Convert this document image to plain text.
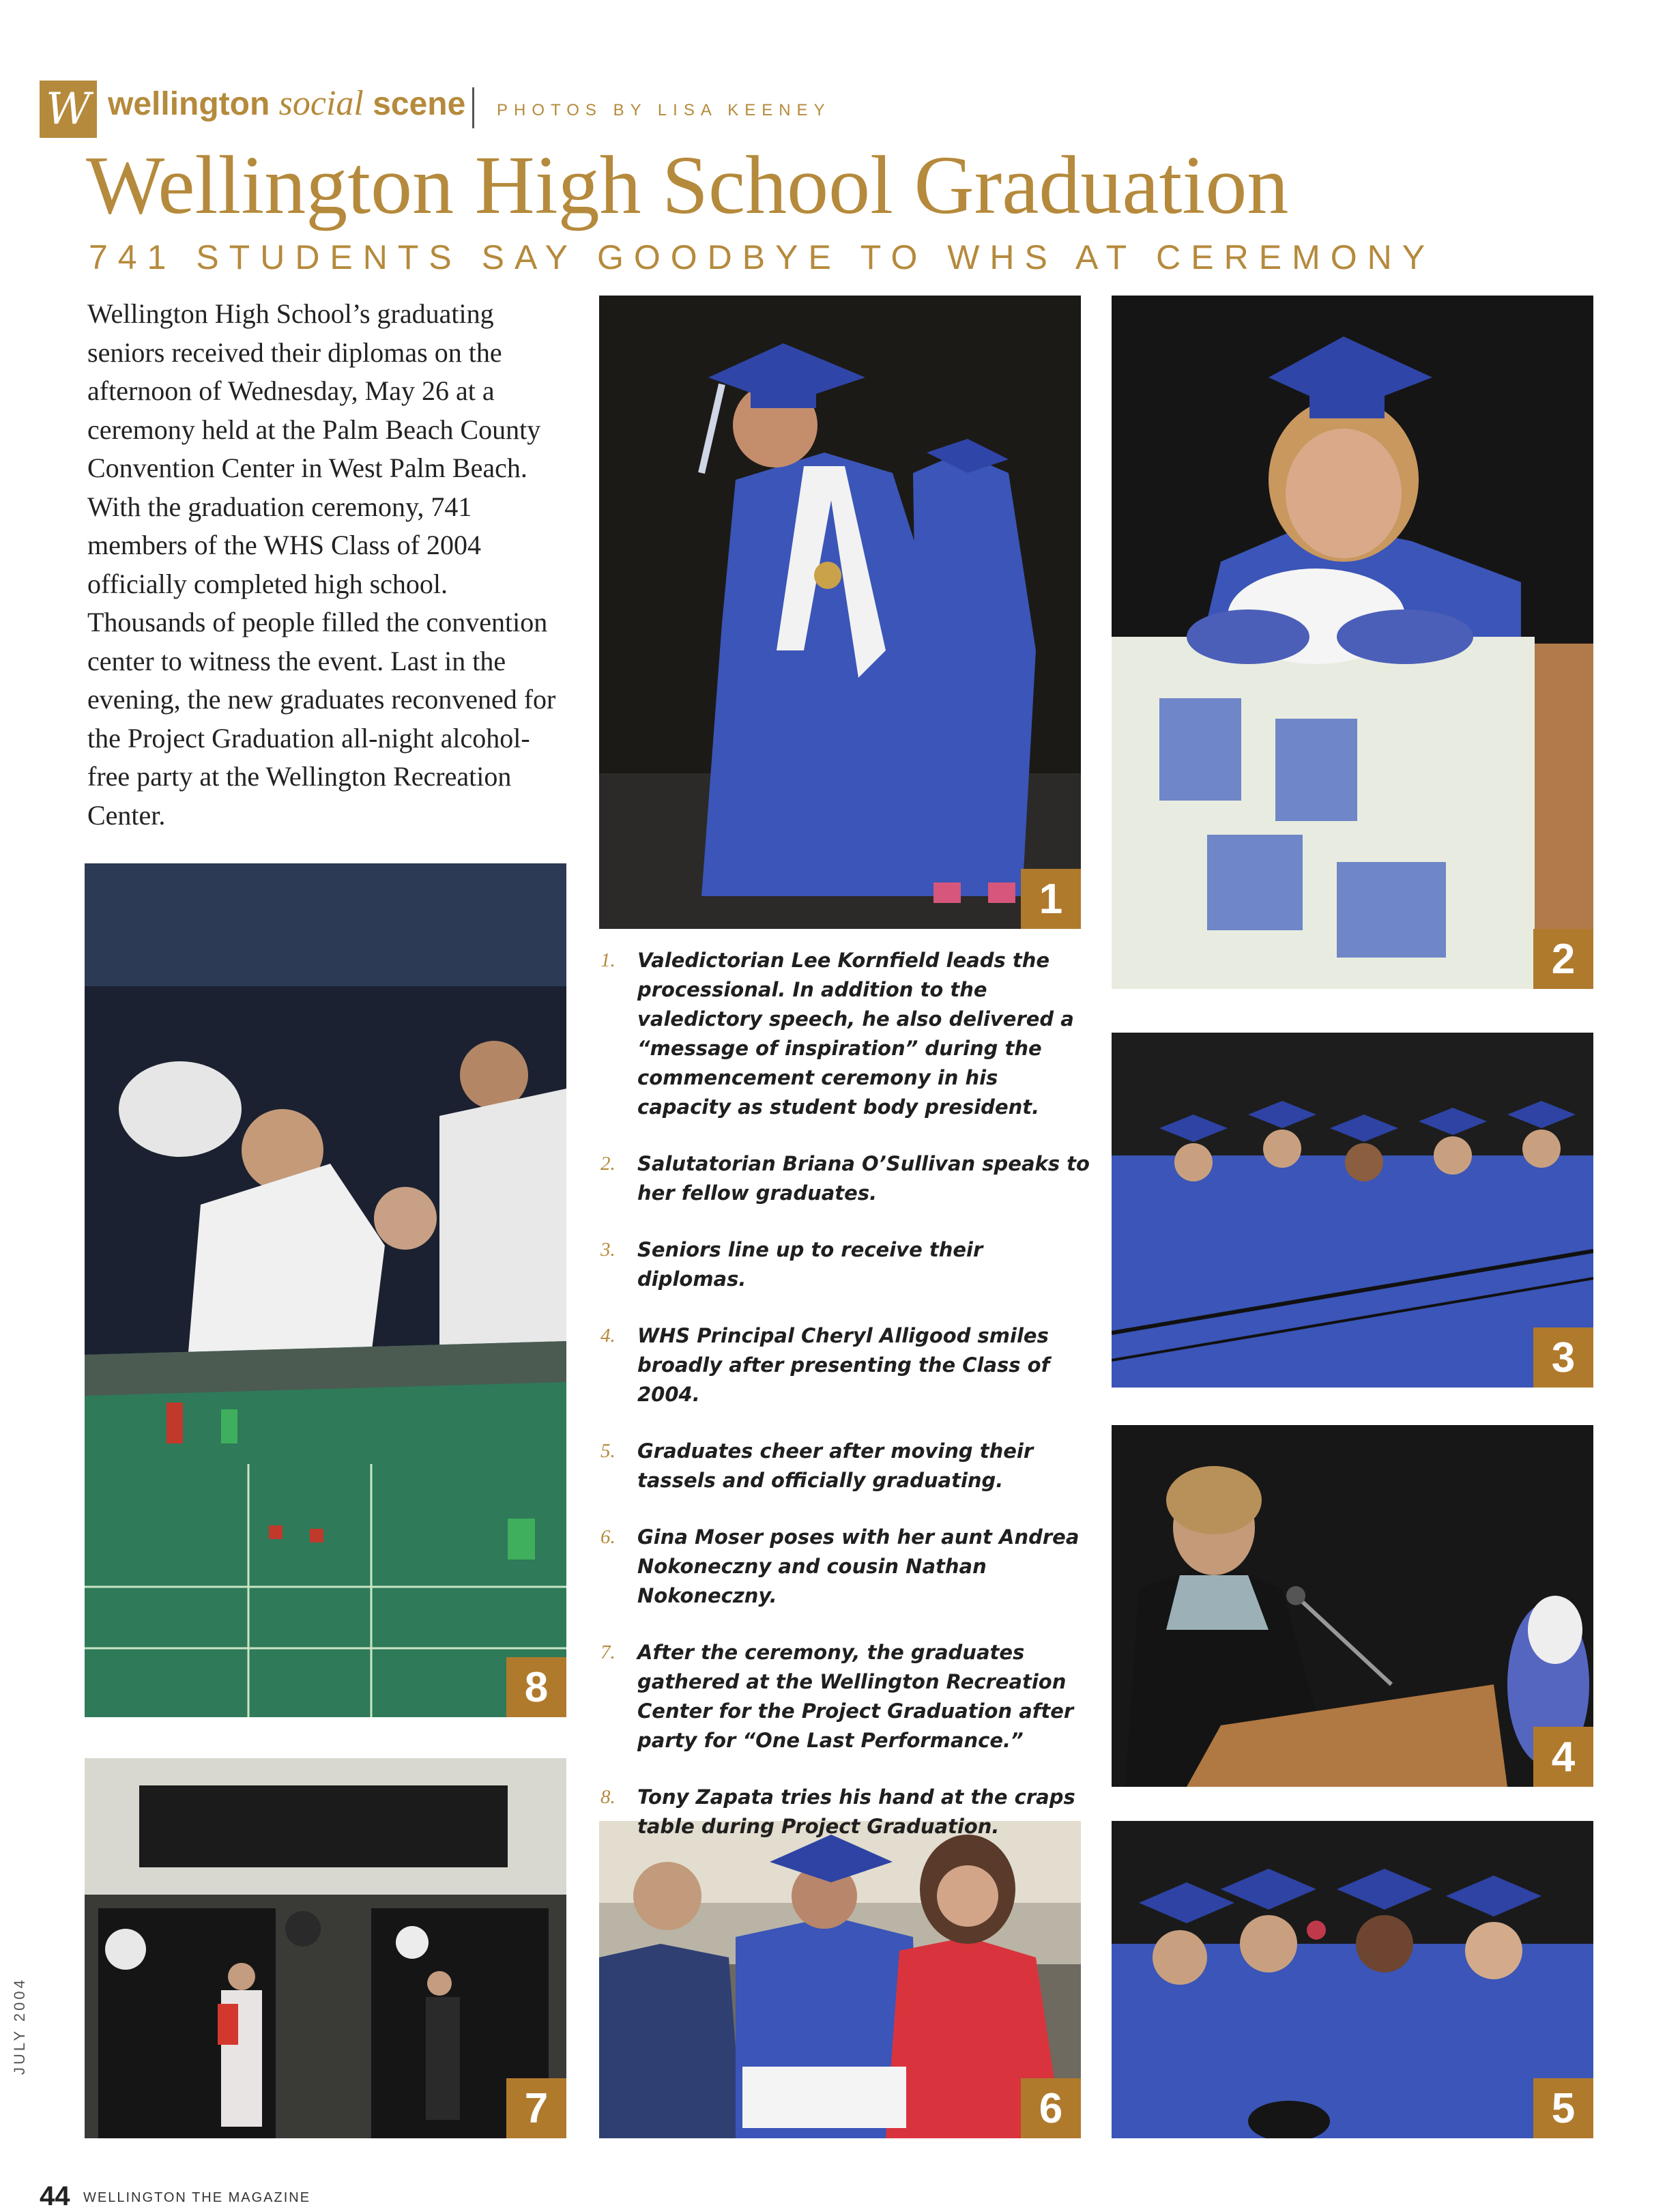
W wellington social scene PHOTOS BY LISA KEENEY
Wellington High School Graduation
741 STUDENTS SAY GOODBYE TO WHS AT CEREMONY
Wellington High School’s graduating seniors received their diplomas on the afternoon of Wednesday, May 26 at a ceremony held at the Palm Beach County Convention Center in West Palm Beach. With the graduation ceremony, 741 members of the WHS Class of 2004 officially completed high school. Thousands of people filled the convention center to witness the event. Last in the evening, the new graduates reconvened for the Project Graduation all-night alcohol-free party at the Wellington Recreation Center.
1
2
3
4
5
6
7
8
1.	Valedictorian Lee Kornfield leads the processional. In addition to the valedictory speech, he also delivered a “message of inspiration” during the commencement ceremony in his capacity as student body president.
2.	Salutatorian Briana O’Sullivan speaks to her fellow graduates.
3.	Seniors line up to receive their diplomas.
4.	WHS Principal Cheryl Alligood smiles broadly after presenting the Class of 2004.
5.	Graduates cheer after moving their tassels and officially graduating.
6.	Gina Moser poses with her aunt Andrea Nokoneczny and cousin Nathan Nokoneczny.
7.	After the ceremony, the graduates gathered at the Wellington Recreation Center for the Project Graduation after party for “One Last Performance.”
8.	Tony Zapata tries his hand at the craps table during Project Graduation.
JULY 2004
44 WELLINGTON THE MAGAZINE
